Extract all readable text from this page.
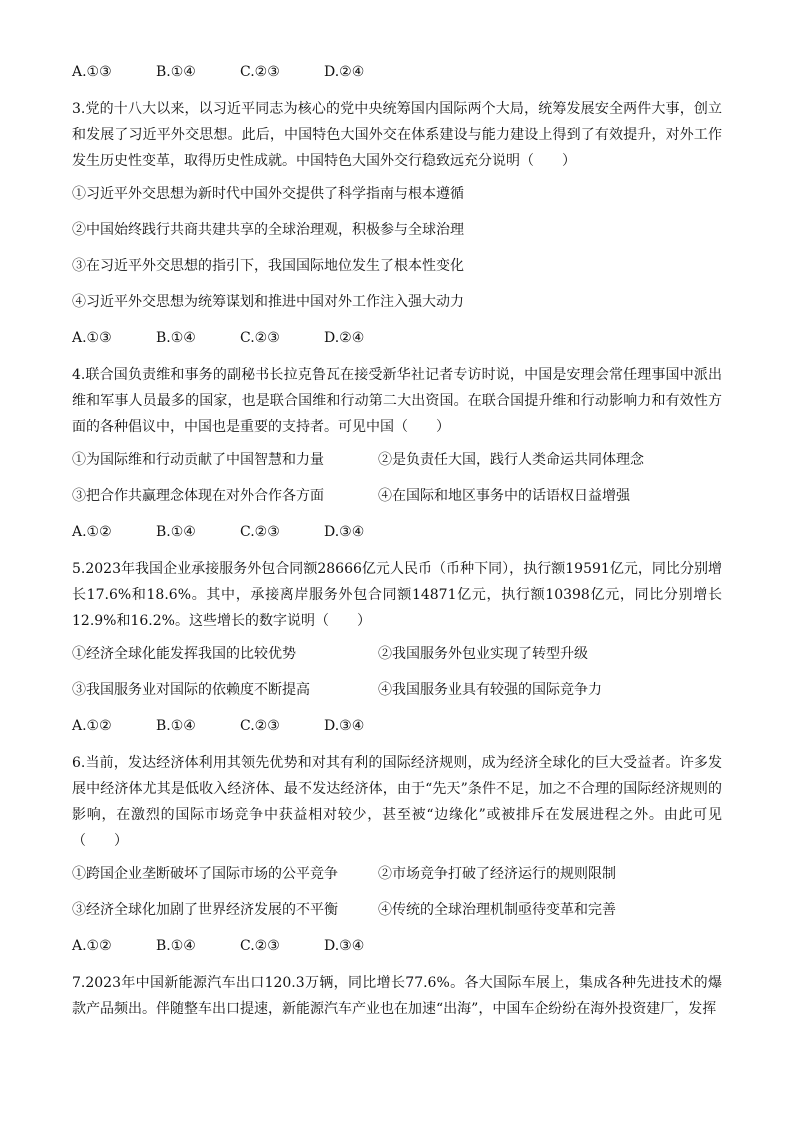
A.①③	B.①④	C.②③	D.②④
3.党的十八大以来，以习近平同志为核心的党中央统筹国内国际两个大局，统筹发展安全两件大事，创立和发展了习近平外交思想。此后，中国特色大国外交在体系建设与能力建设上得到了有效提升，对外工作发生历史性变革，取得历史性成就。中国特色大国外交行稳致远充分说明（　　）
①习近平外交思想为新时代中国外交提供了科学指南与根本遵循
②中国始终践行共商共建共享的全球治理观，积极参与全球治理
③在习近平外交思想的指引下，我国国际地位发生了根本性变化
④习近平外交思想为统筹谋划和推进中国对外工作注入强大动力
A.①③	B.①④	C.②③	D.②④
4.联合国负责维和事务的副秘书长拉克鲁瓦在接受新华社记者专访时说，中国是安理会常任理事国中派出维和军事人员最多的国家，也是联合国维和行动第二大出资国。在联合国提升维和行动影响力和有效性方面的各种倡议中，中国也是重要的支持者。可见中国（　　）
①为国际维和行动贡献了中国智慧和力量	②是负责任大国，践行人类命运共同体理念
③把合作共赢理念体现在对外合作各方面	④在国际和地区事务中的话语权日益增强
A.①②	B.①④	C.②③	D.③④
5.2023年我国企业承接服务外包合同额28666亿元人民币（币种下同），执行额19591亿元，同比分别增长17.6%和18.6%。其中，承接离岸服务外包合同额14871亿元，执行额10398亿元，同比分别增长12.9%和16.2%。这些增长的数字说明（　　）
①经济全球化能发挥我国的比较优势	②我国服务外包业实现了转型升级
③我国服务业对国际的依赖度不断提高	④我国服务业具有较强的国际竞争力
A.①②	B.①④	C.②③	D.③④
6.当前，发达经济体利用其领先优势和对其有利的国际经济规则，成为经济全球化的巨大受益者。许多发展中经济体尤其是低收入经济体、最不发达经济体，由于“先天”条件不足，加之不合理的国际经济规则的影响，在激烈的国际市场竞争中获益相对较少，甚至被“边缘化”或被排斥在发展进程之外。由此可见（　　）
①跨国企业垄断破坏了国际市场的公平竞争	②市场竞争打破了经济运行的规则限制
③经济全球化加剧了世界经济发展的不平衡	④传统的全球治理机制亟待变革和完善
A.①②	B.①④	C.②③	D.③④
7.2023年中国新能源汽车出口120.3万辆，同比增长77.6%。各大国际车展上，集成各种先进技术的爆款产品频出。伴随整车出口提速，新能源汽车产业也在加速“出海”，中国车企纷纷在海外投资建厂，发挥
